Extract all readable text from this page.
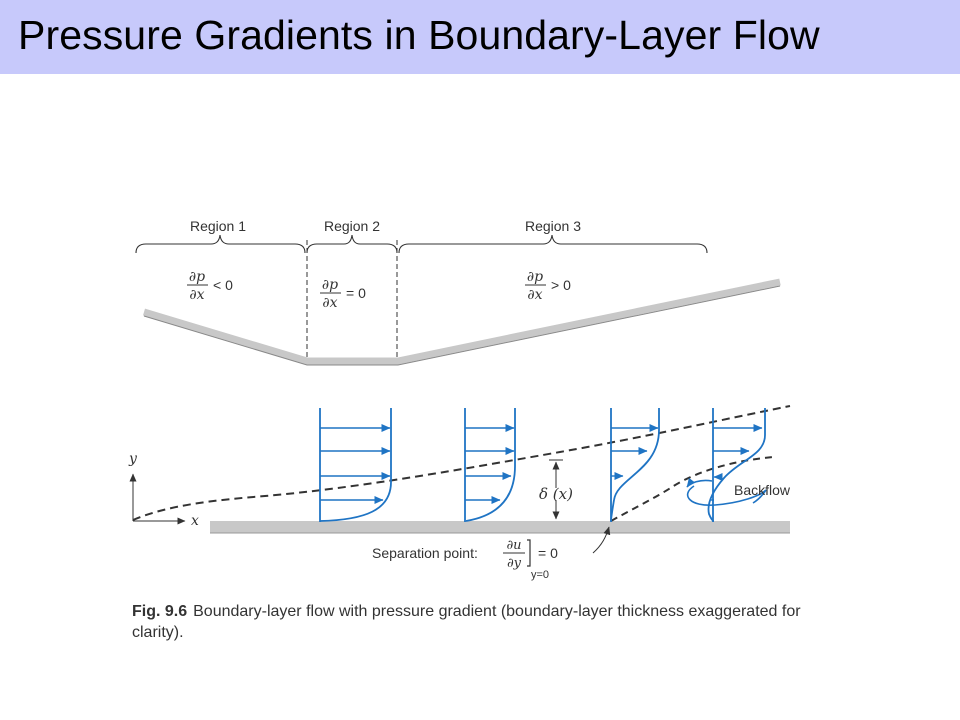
Pressure Gradients in Boundary-Layer Flow
Region 1	Region 2	Region 3
∂p
∂x
< 0	∂p
∂x
= 0
∂p
∂x
> 0
y
x
Backflow
δ (x)
Separation point: ∂u
∂y
y=0
= 0
Fig. 9.6 Boundary-layer flow with pressure gradient (boundary-layer thickness exaggerated for clarity).
